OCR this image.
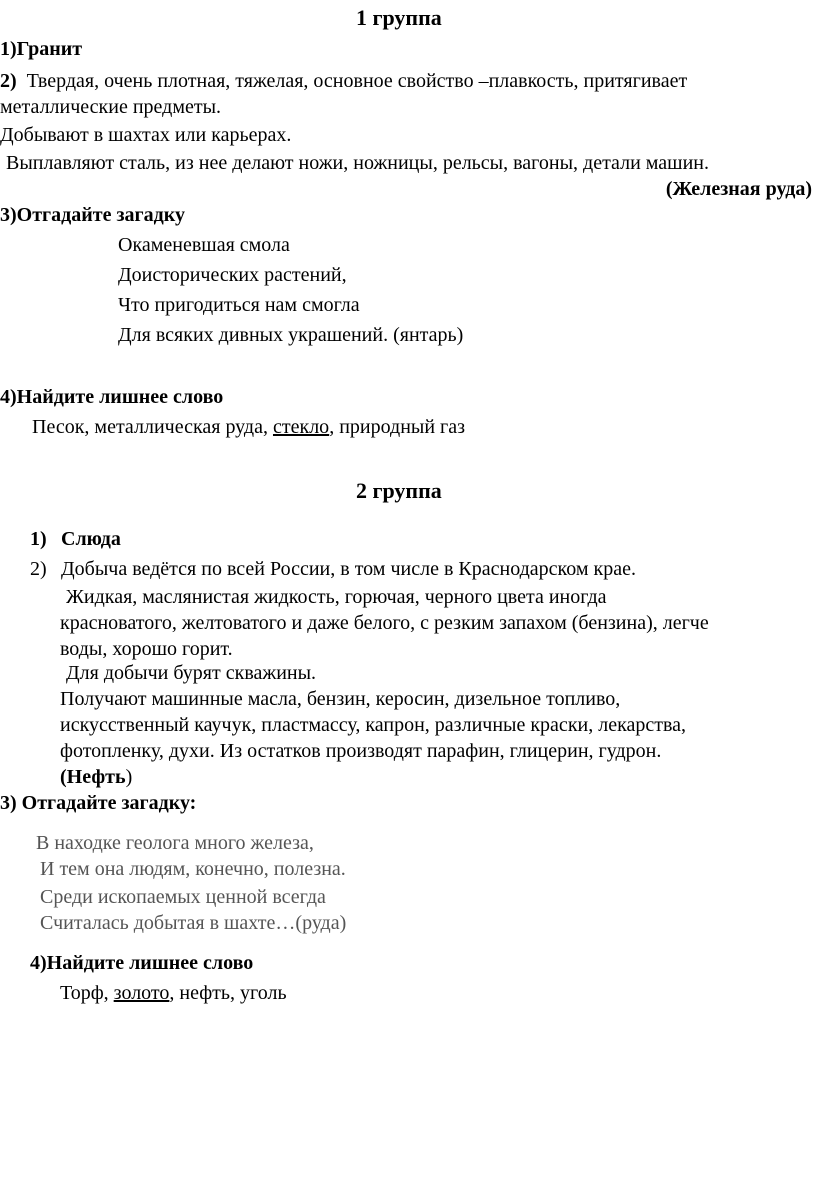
1 группа
1)Гранит
2) Твердая, очень плотная, тяжелая, основное свойство –плавкость, притягивает
металлические предметы.
Добывают в шахтах или карьерах.
Выплавляют сталь, из нее делают ножи, ножницы, рельсы, вагоны, детали машин.
(Железная руда)
3)Отгадайте загадку
Окаменевшая смола
Доисторических растений,
Что пригодиться нам смогла
Для всяких дивных украшений. (янтарь)
4)Найдите лишнее слово
Песок, металлическая руда, стекло, природный газ
2 группа
1) Слюда
2) Добыча ведётся по всей России, в том числе в Краснодарском крае.
Жидкая, маслянистая жидкость, горючая, черного цвета иногда
красноватого, желтоватого и даже белого, с резким запахом (бензина), легче
воды, хорошо горит.
Для добычи бурят скважины.
Получают машинные масла, бензин, керосин, дизельное топливо,
искусственный каучук, пластмассу, капрон, различные краски, лекарства,
фотопленку, духи. Из остатков производят парафин, глицерин, гудрон.
(Нефть)
3) Отгадайте загадку:
В находке геолога много железа,
И тем она людям, конечно, полезна.
Среди ископаемых ценной всегда
Считалась добытая в шахте…(руда)
4)Найдите лишнее слово
Торф, золото, нефть, уголь
